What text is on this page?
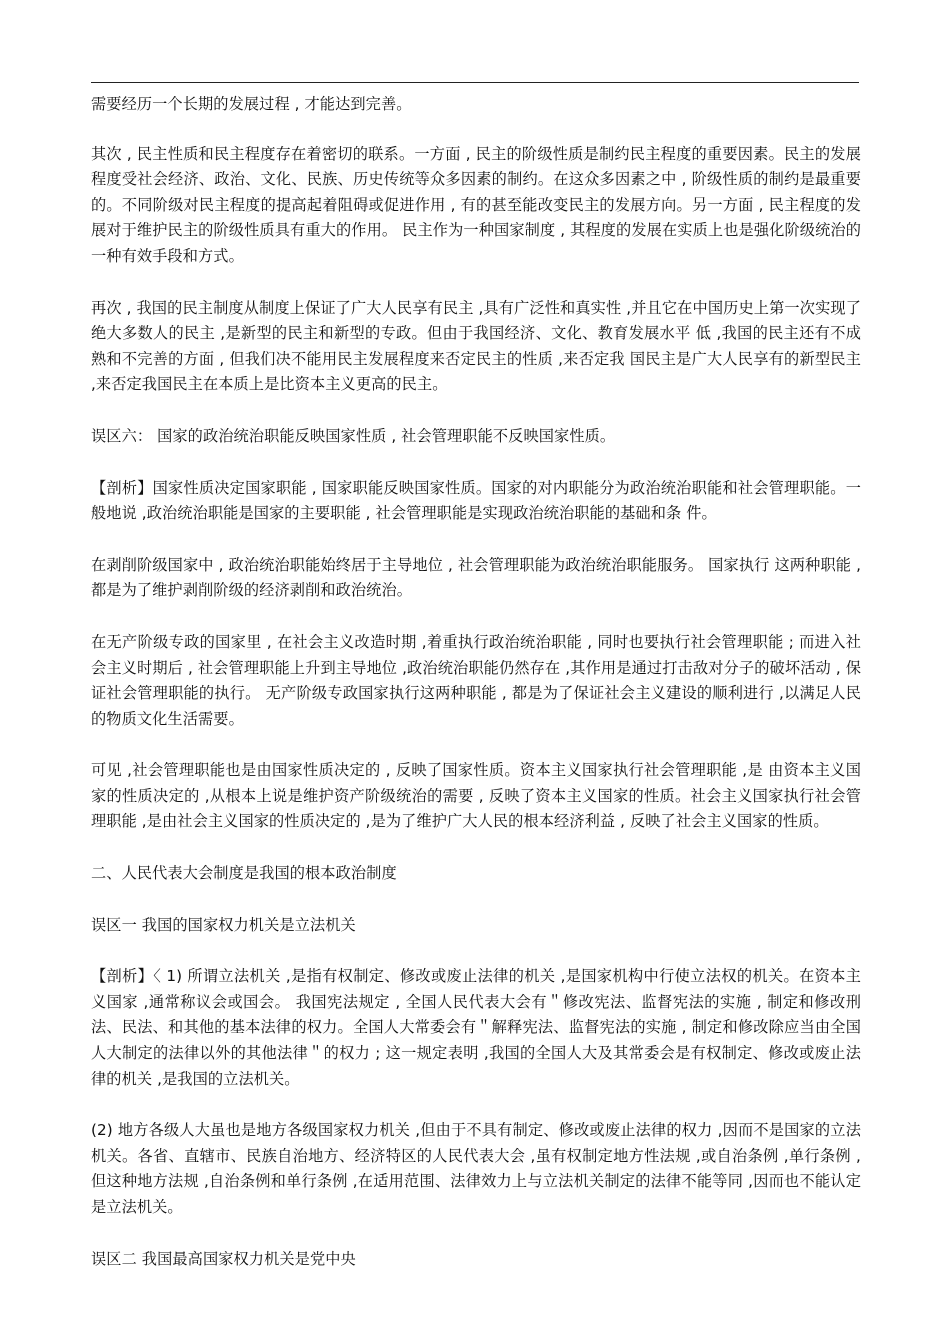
需要经历一个长期的发展过程 , 才能达到完善。

其次 , 民主性质和民主程度存在着密切的联系。一方面 , 民主的阶级性质是制约民主程度的重要因素。民主的发展程度受社会经济、政治、文化、民族、历史传统等众多因素的制约。在这众多因素之中 , 阶级性质的制约是最重要的。不同阶级对民主程度的提高起着阻碍或促进作用 , 有的甚至能改变民主的发展方向。另一方面 , 民主程度的发展对于维护民主的阶级性质具有重大的作用。 民主作为一种国家制度 , 其程度的发展在实质上也是强化阶级统治的一种有效手段和方式。

再次 , 我国的民主制度从制度上保证了广大人民享有民主 ,具有广泛性和真实性 ,并且它在中国历史上第一次实现了绝大多数人的民主 ,是新型的民主和新型的专政。但由于我国经济、文化、教育发展水平 低 ,我国的民主还有不成熟和不完善的方面 , 但我们决不能用民主发展程度来否定民主的性质 ,来否定我 国民主是广大人民享有的新型民主 ,来否定我国民主在本质上是比资本主义更高的民主。

误区六： 国家的政治统治职能反映国家性质 , 社会管理职能不反映国家性质。

【剖析】国家性质决定国家职能 , 国家职能反映国家性质。国家的对内职能分为政治统治职能和社会管理职能。一般地说 ,政治统治职能是国家的主要职能 , 社会管理职能是实现政治统治职能的基础和条 件。

在剥削阶级国家中 , 政治统治职能始终居于主导地位 , 社会管理职能为政治统治职能服务。 国家执行 这两种职能 ,都是为了维护剥削阶级的经济剥削和政治统治。

在无产阶级专政的国家里 , 在社会主义改造时期 ,着重执行政治统治职能 , 同时也要执行社会管理职能 ; 而进入社会主义时期后 , 社会管理职能上升到主导地位 ,政治统治职能仍然存在 ,其作用是通过打击敌对分子的破坏活动 , 保证社会管理职能的执行。 无产阶级专政国家执行这两种职能 , 都是为了保证社会主义建设的顺利进行 ,以满足人民的物质文化生活需要。

可见 ,社会管理职能也是由国家性质决定的 , 反映了国家性质。资本主义国家执行社会管理职能 ,是 由资本主义国家的性质决定的 ,从根本上说是维护资产阶级统治的需要 , 反映了资本主义国家的性质。社会主义国家执行社会管理职能 ,是由社会主义国家的性质决定的 ,是为了维护广大人民的根本经济利益 , 反映了社会主义国家的性质。

二、人民代表大会制度是我国的根本政治制度

误区一 我国的国家权力机关是立法机关

【剖析】〈 1) 所谓立法机关 ,是指有权制定、修改或废止法律的机关 ,是国家机构中行使立法权的机关。在资本主义国家 ,通常称议会或国会。 我国宪法规定 , 全国人民代表大会有＂修改宪法、监督宪法的实施 , 制定和修改刑法、民法、和其他的基本法律的权力。全国人大常委会有＂解释宪法、监督宪法的实施 , 制定和修改除应当由全国人大制定的法律以外的其他法律＂的权力 ; 这一规定表明 ,我国的全国人大及其常委会是有权制定、修改或废止法律的机关 ,是我国的立法机关。

(2) 地方各级人大虽也是地方各级国家权力机关 ,但由于不具有制定、修改或废止法律的权力 ,因而不是国家的立法机关。各省、直辖市、民族自治地方、经济特区的人民代表大会 ,虽有权制定地方性法规 ,或自治条例 ,单行条例 ,但这种地方法规 ,自治条例和单行条例 ,在适用范围、法律效力上与立法机关制定的法律不能等同 ,因而也不能认定是立法机关。

误区二 我国最高国家权力机关是党中央
